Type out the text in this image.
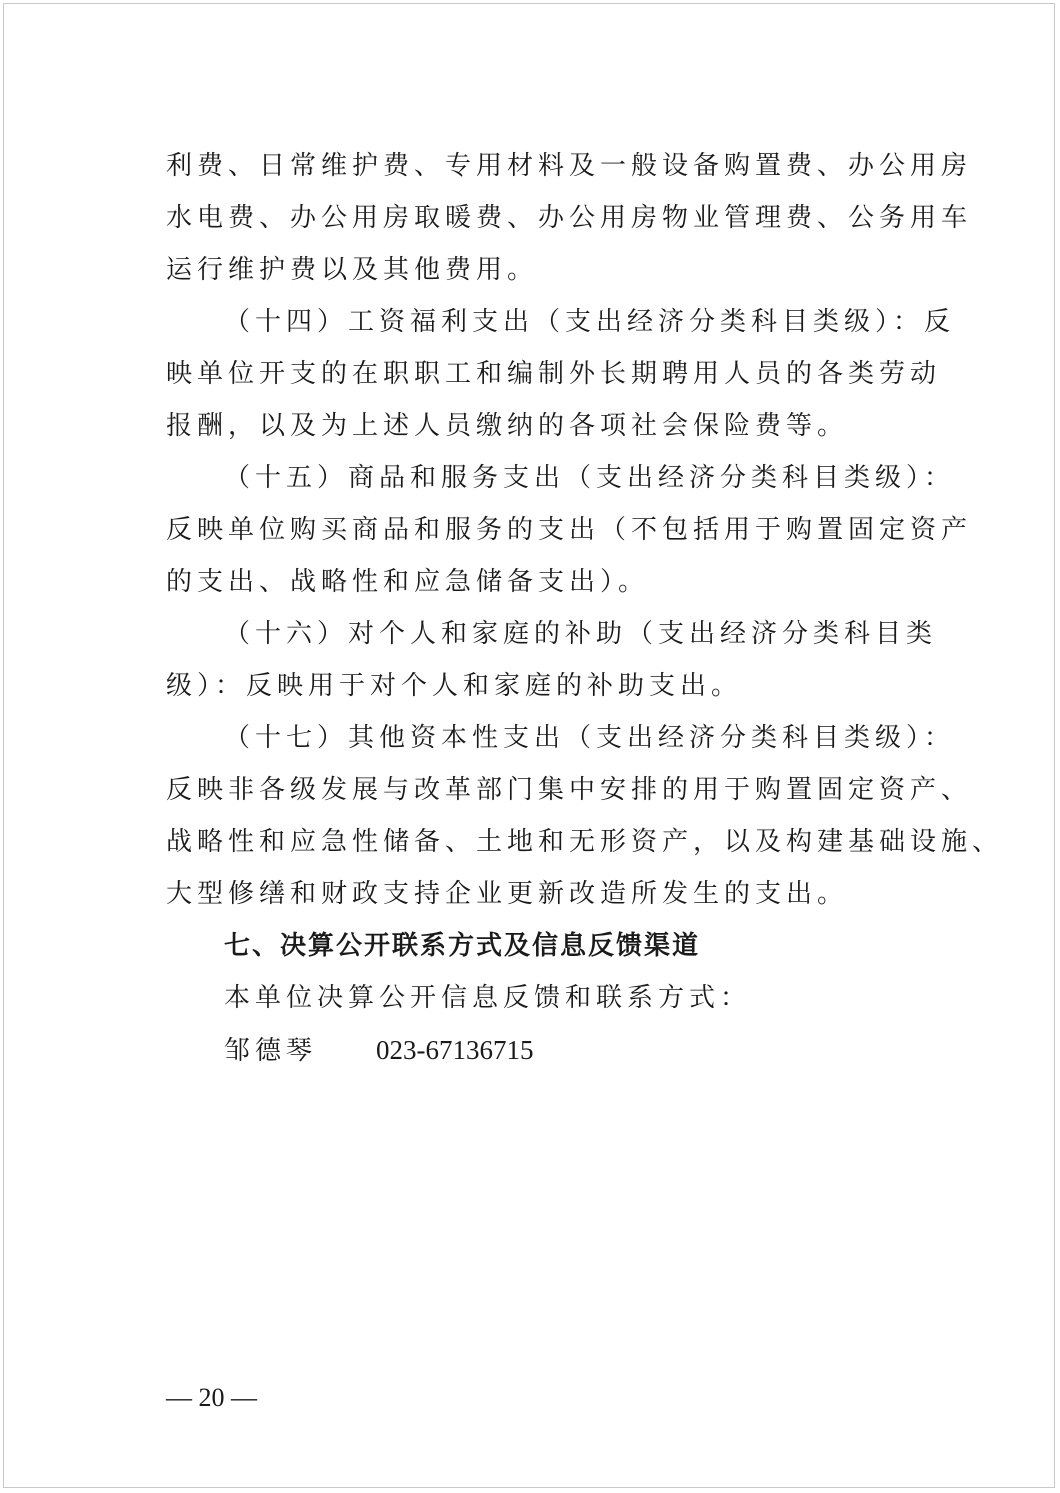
利费、日常维护费、专用材料及一般设备购置费、办公用房
水电费、办公用房取暖费、办公用房物业管理费、公务用车
运行维护费以及其他费用。
（十四）工资福利支出（支出经济分类科目类级）：反
映单位开支的在职职工和编制外长期聘用人员的各类劳动
报酬，以及为上述人员缴纳的各项社会保险费等。
（十五）商品和服务支出（支出经济分类科目类级）：
反映单位购买商品和服务的支出（不包括用于购置固定资产
的支出、战略性和应急储备支出）。
（十六）对个人和家庭的补助（支出经济分类科目类
级）：反映用于对个人和家庭的补助支出。
（十七）其他资本性支出（支出经济分类科目类级）：
反映非各级发展与改革部门集中安排的用于购置固定资产、
战略性和应急性储备、土地和无形资产，以及构建基础设施、
大型修缮和财政支持企业更新改造所发生的支出。
七、决算公开联系方式及信息反馈渠道
本单位决算公开信息反馈和联系方式：
邹德琴 023-67136715
— 20 —
